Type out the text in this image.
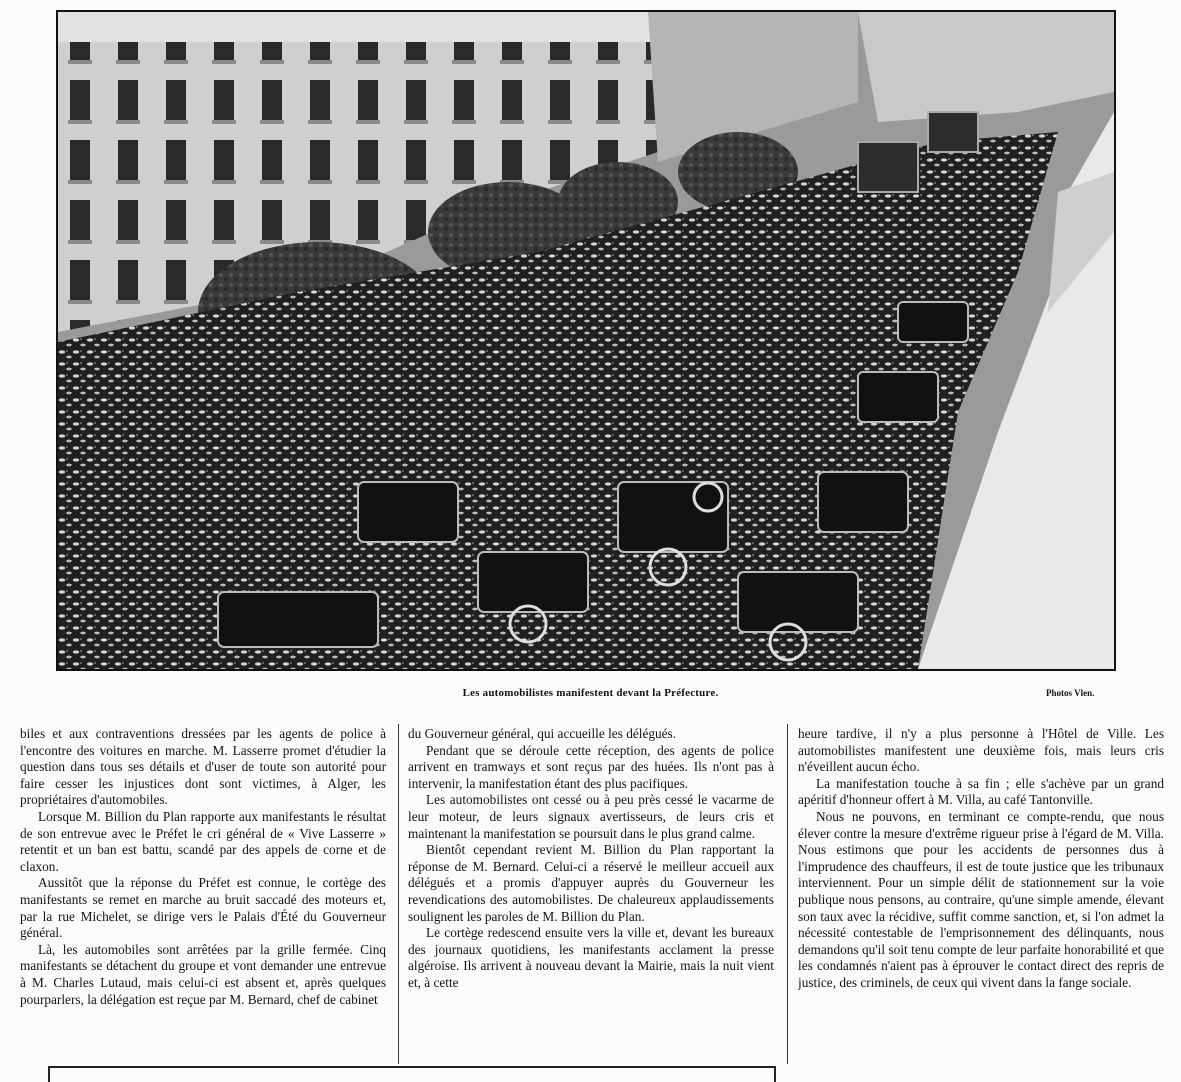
Les automobilistes manifestent devant la Préfecture.	Photos Vlen.

biles et aux contraventions dressées par les agents de police à l'encontre des voitures en marche. M. Lasserre promet d'étudier la question dans tous ses détails et d'user de toute son autorité pour faire cesser les injustices dont sont victimes, à Alger, les propriétaires d'automobiles.

Lorsque M. Billion du Plan rapporte aux manifestants le résultat de son entrevue avec le Préfet le cri général de « Vive Lasserre » retentit et un ban est battu, scandé par des appels de corne et de claxon.

Aussitôt que la réponse du Préfet est connue, le cortège des manifestants se remet en marche au bruit saccadé des moteurs et, par la rue Michelet, se dirige vers le Palais d'Été du Gouverneur général.

Là, les automobiles sont arrêtées par la grille fermée. Cinq manifestants se détachent du groupe et vont demander une entrevue à M. Charles Lutaud, mais celui-ci est absent et, après quelques pourparlers, la délégation est reçue par M. Bernard, chef de cabinet

du Gouverneur général, qui accueille les délégués.

Pendant que se déroule cette réception, des agents de police arrivent en tramways et sont reçus par des huées. Ils n'ont pas à intervenir, la manifestation étant des plus pacifiques.

Les automobilistes ont cessé ou à peu près cessé le vacarme de leur moteur, de leurs signaux avertisseurs, de leurs cris et maintenant la manifestation se poursuit dans le plus grand calme.

Bientôt cependant revient M. Billion du Plan rapportant la réponse de M. Bernard. Celui-ci a réservé le meilleur accueil aux délégués et a promis d'appuyer auprès du Gouverneur les revendications des automobilistes. De chaleureux applaudissements soulignent les paroles de M. Billion du Plan.

Le cortège redescend ensuite vers la ville et, devant les bureaux des journaux quotidiens, les manifestants acclament la presse algéroise. Ils arrivent à nouveau devant la Mairie, mais la nuit vient et, à cette

heure tardive, il n'y a plus personne à l'Hôtel de Ville. Les automobilistes manifestent une deuxième fois, mais leurs cris n'éveillent aucun écho.

La manifestation touche à sa fin ; elle s'achève par un grand apéritif d'honneur offert à M. Villa, au café Tantonville.

Nous ne pouvons, en terminant ce compte-rendu, que nous élever contre la mesure d'extrême rigueur prise à l'égard de M. Villa. Nous estimons que pour les accidents de personnes dus à l'imprudence des chauffeurs, il est de toute justice que les tribunaux interviennent. Pour un simple délit de stationnement sur la voie publique nous pensons, au contraire, qu'une simple amende, élevant son taux avec la récidive, suffit comme sanction, et, si l'on admet la nécessité contestable de l'emprisonnement des délinquants, nous demandons qu'il soit tenu compte de leur parfaite honorabilité et que les condamnés n'aient pas à éprouver le contact direct des repris de justice, des criminels, de ceux qui vivent dans la fange sociale.
